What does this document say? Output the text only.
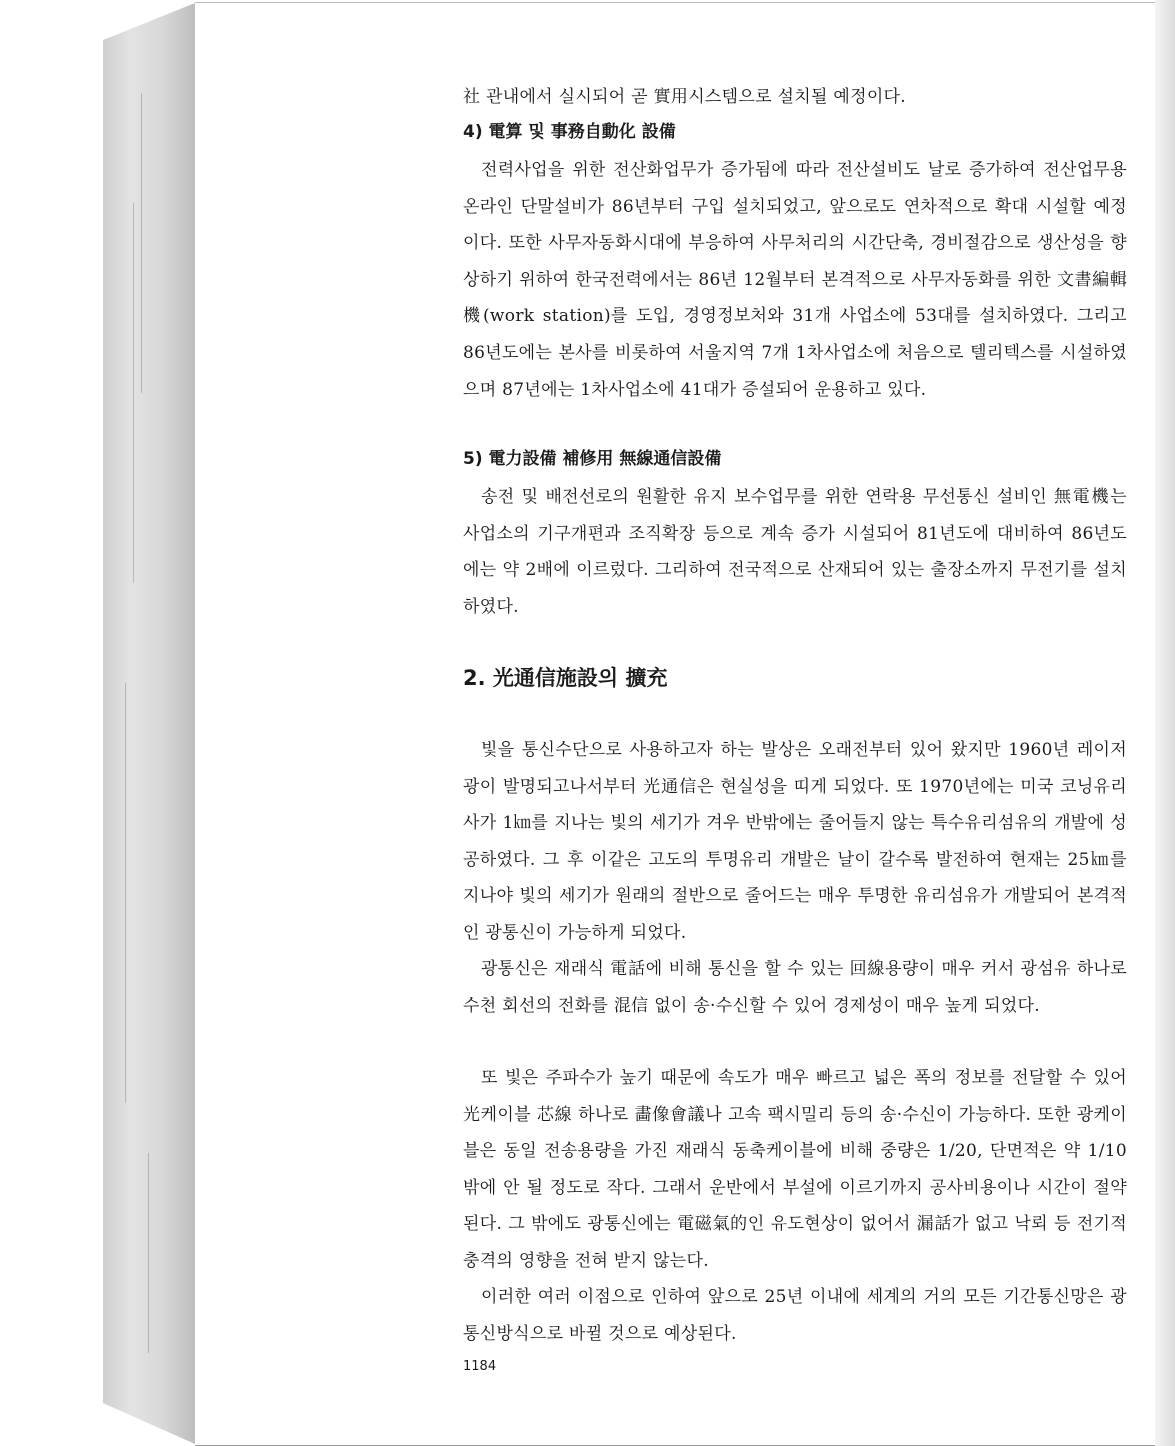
社 관내에서 실시되어 곧 實用시스템으로 설치될 예정이다.

4) 電算 및 事務自動化 設備

전력사업을 위한 전산화업무가 증가됨에 따라 전산설비도 날로 증가하여 전산업무용 온라인 단말설비가 86년부터 구입 설치되었고, 앞으로도 연차적으로 확대 시설할 예정이다. 또한 사무자동화시대에 부응하여 사무처리의 시간단축, 경비절감으로 생산성을 향상하기 위하여 한국전력에서는 86년 12월부터 본격적으로 사무자동화를 위한 文書編輯機(work station)를 도입, 경영정보처와 31개 사업소에 53대를 설치하였다. 그리고 86년도에는 본사를 비롯하여 서울지역 7개 1차사업소에 처음으로 텔리텍스를 시설하였으며 87년에는 1차사업소에 41대가 증설되어 운용하고 있다.

5) 電力設備 補修用 無線通信設備

송전 및 배전선로의 원활한 유지 보수업무를 위한 연락용 무선통신 설비인 無電機는 사업소의 기구개편과 조직확장 등으로 계속 증가 시설되어 81년도에 대비하여 86년도에는 약 2배에 이르렀다. 그리하여 전국적으로 산재되어 있는 출장소까지 무전기를 설치하였다.

2. 光通信施設의 擴充

빛을 통신수단으로 사용하고자 하는 발상은 오래전부터 있어 왔지만 1960년 레이저광이 발명되고나서부터 光通信은 현실성을 띠게 되었다. 또 1970년에는 미국 코닝유리사가 1㎞를 지나는 빛의 세기가 겨우 반밖에는 줄어들지 않는 특수유리섬유의 개발에 성공하였다. 그 후 이같은 고도의 투명유리 개발은 날이 갈수록 발전하여 현재는 25㎞를 지나야 빛의 세기가 원래의 절반으로 줄어드는 매우 투명한 유리섬유가 개발되어 본격적인 광통신이 가능하게 되었다.

광통신은 재래식 電話에 비해 통신을 할 수 있는 回線용량이 매우 커서 광섬유 하나로 수천 회선의 전화를 混信 없이 송·수신할 수 있어 경제성이 매우 높게 되었다.

또 빛은 주파수가 높기 때문에 속도가 매우 빠르고 넓은 폭의 정보를 전달할 수 있어 光케이블 芯線 하나로 畵像會議나 고속 팩시밀리 등의 송·수신이 가능하다. 또한 광케이블은 동일 전송용량을 가진 재래식 동축케이블에 비해 중량은 1/20, 단면적은 약 1/10밖에 안 될 정도로 작다. 그래서 운반에서 부설에 이르기까지 공사비용이나 시간이 절약된다. 그 밖에도 광통신에는 電磁氣的인 유도현상이 없어서 漏話가 없고 낙뢰 등 전기적 충격의 영향을 전혀 받지 않는다.

이러한 여러 이점으로 인하여 앞으로 25년 이내에 세계의 거의 모든 기간통신망은 광통신방식으로 바뀔 것으로 예상된다.

1184
